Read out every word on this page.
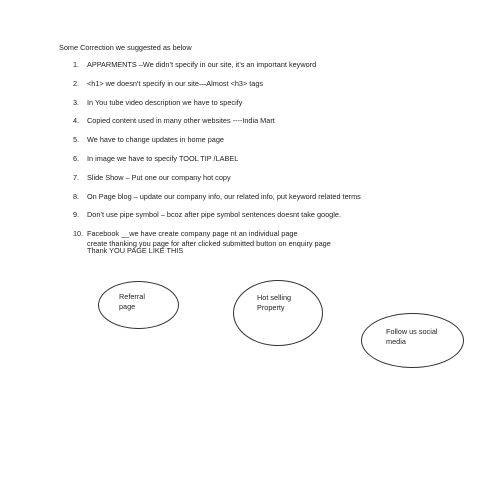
Some Correction we suggested as below
1.	APPARMENTS –We didn’t specify in our site, it’s an important keyword
2.	<h1> we doesn’t specify in our site—Almost <h3> tags
3.	In You tube video description we have to specify
4.	Copied content used in many other websites ----India Mart
5.	We have to change updates in home page
6.	In image we have to specify TOOL TIP /LABEL
7.	Slide Show – Put one our company hot copy
8.	On Page blog – update our company info, our related info, put keyword related terms
9.	Don’t use pipe symbol – bcoz after pipe symbol sentences doesnt take google.
10. Facebook __we have create company page nt an individual page
create thanking you page for after clicked submitted button on enquiry page
Thank YOU PAGE LIKE THIS
Referral
page
Hot selling
Property
Follow us social
media
